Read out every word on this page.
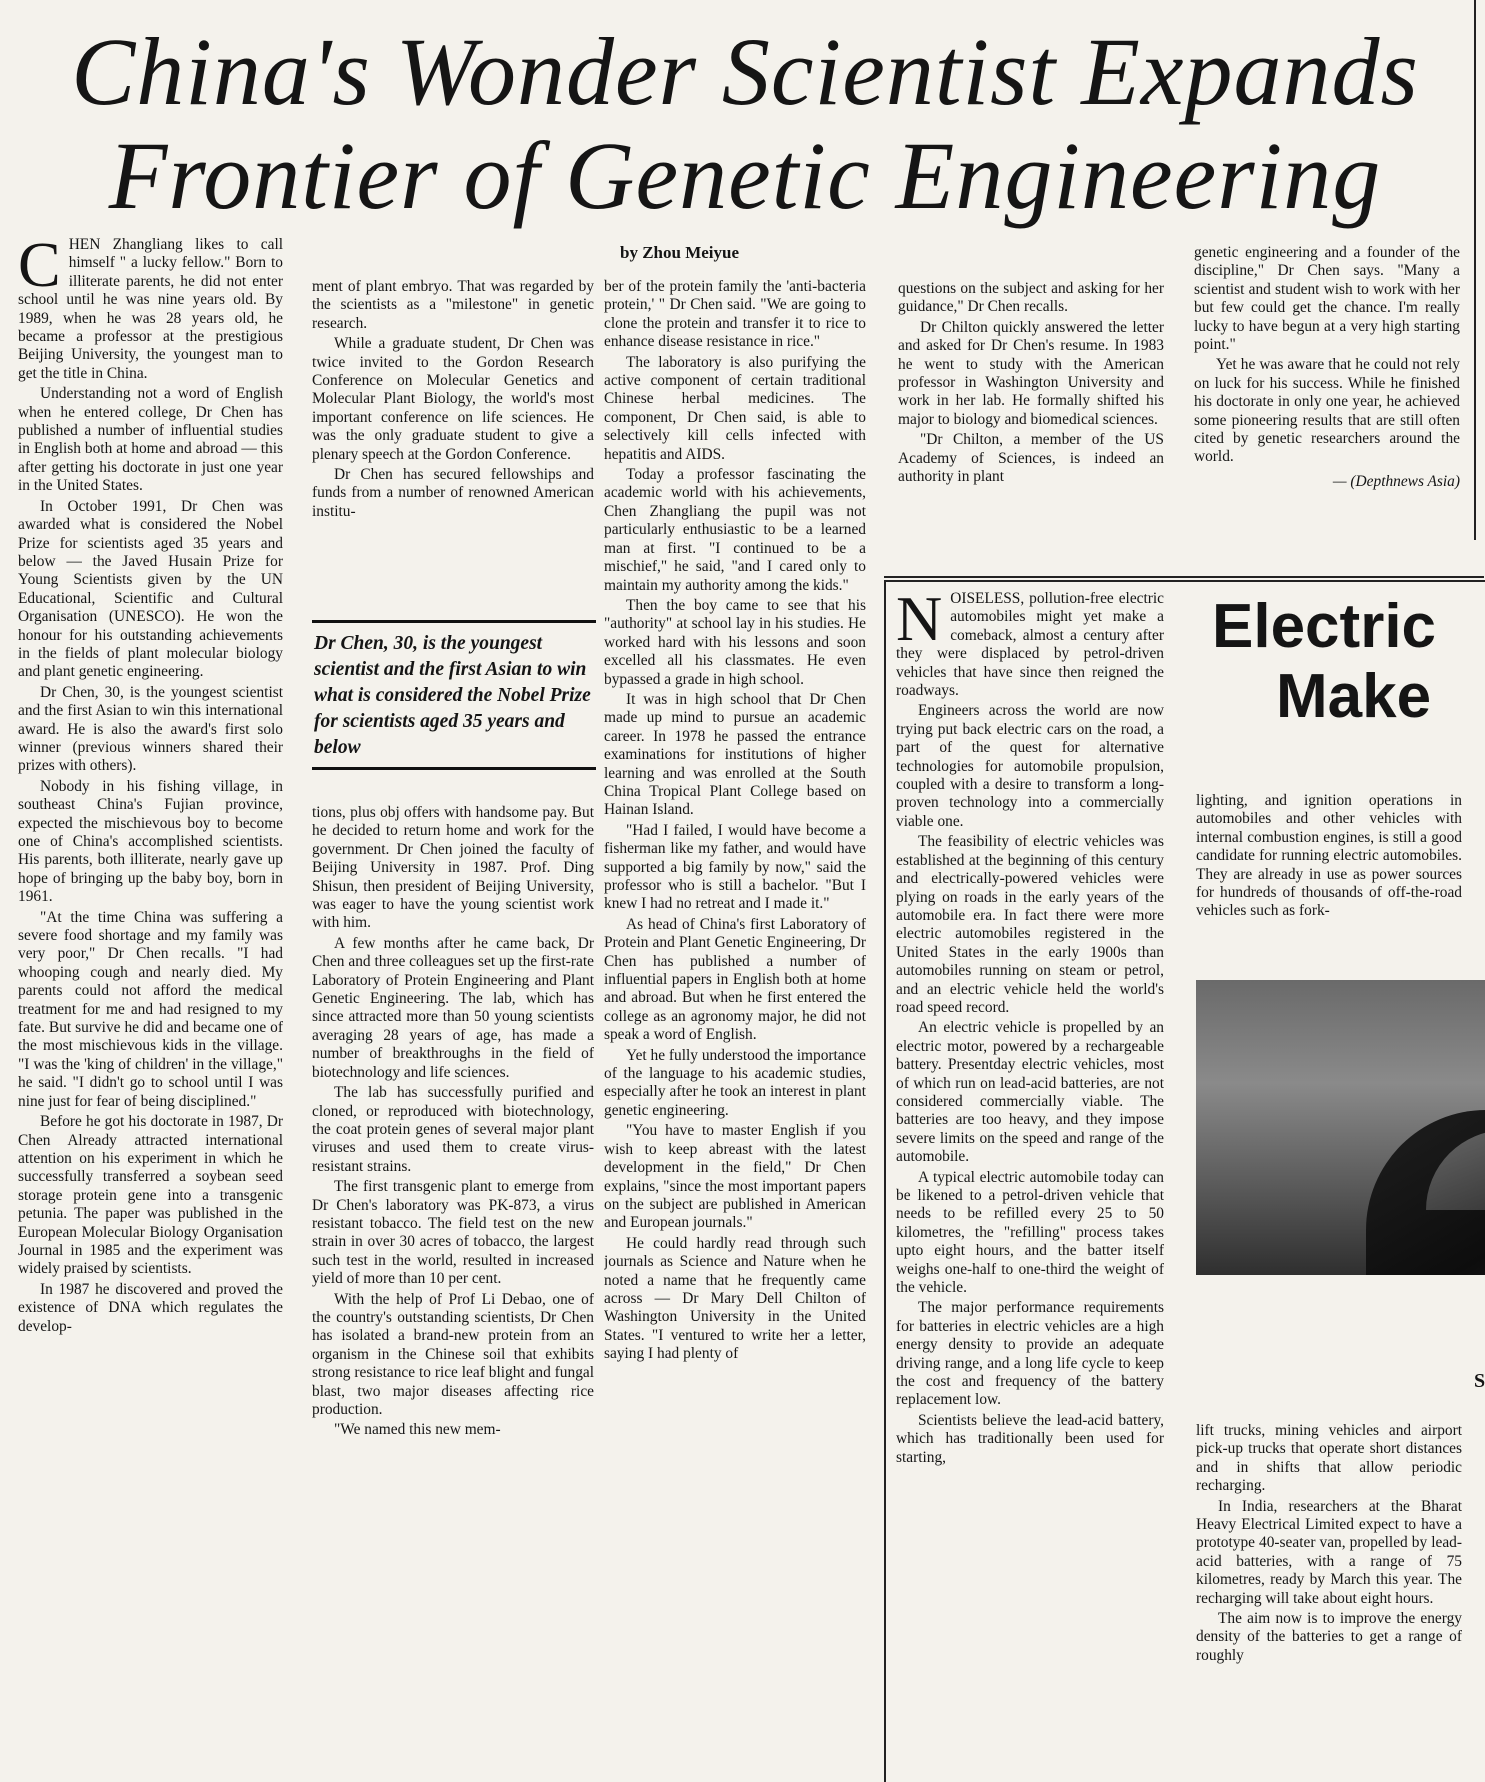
China's Wonder Scientist Expands
Frontier of Genetic Engineering
by Zhou Meiyue

CHEN Zhangliang likes to call himself " a lucky fellow." Born to illiterate parents, he did not enter school until he was nine years old. By 1989, when he was 28 years old, he became a professor at the prestigious Beijing University, the youngest man to get the title in China.

Understanding not a word of English when he entered college, Dr Chen has published a number of influential studies in English both at home and abroad — this after getting his doctorate in just one year in the United States.

In October 1991, Dr Chen was awarded what is considered the Nobel Prize for scientists aged 35 years and below — the Javed Husain Prize for Young Scientists given by the UN Educational, Scientific and Cultural Organisation (UNESCO). He won the honour for his outstanding achievements in the fields of plant molecular biology and plant genetic engineering.

Dr Chen, 30, is the youngest scientist and the first Asian to win this international award. He is also the award's first solo winner (previous winners shared their prizes with others).

Nobody in his fishing village, in southeast China's Fujian province, expected the mischievous boy to become one of China's accomplished scientists. His parents, both illiterate, nearly gave up hope of bringing up the baby boy, born in 1961.

"At the time China was suffering a severe food shortage and my family was very poor," Dr Chen recalls. "I had whooping cough and nearly died. My parents could not afford the medical treatment for me and had resigned to my fate. But survive he did and became one of the most mischievous kids in the village. "I was the 'king of children' in the village," he said. "I didn't go to school until I was nine just for fear of being disciplined."

Before he got his doctorate in 1987, Dr Chen Already attracted international attention on his experiment in which he successfully transferred a soybean seed storage protein gene into a transgenic petunia. The paper was published in the European Molecular Biology Organisation Journal in 1985 and the experiment was widely praised by scientists.

In 1987 he discovered and proved the existence of DNA which regulates the develop-

ment of plant embryo. That was regarded by the scientists as a "milestone" in genetic research.

While a graduate student, Dr Chen was twice invited to the Gordon Research Conference on Molecular Genetics and Molecular Plant Biology, the world's most important conference on life sciences. He was the only graduate student to give a plenary speech at the Gordon Conference.

Dr Chen has secured fellowships and funds from a number of renowned American institu-

Dr Chen, 30, is the youngest scientist and the first Asian to win what is considered the Nobel Prize for scientists aged 35 years and below

tions, plus obj offers with handsome pay. But he decided to return home and work for the government. Dr Chen joined the faculty of Beijing University in 1987. Prof. Ding Shisun, then president of Beijing University, was eager to have the young scientist work with him.

A few months after he came back, Dr Chen and three colleagues set up the first-rate Laboratory of Protein Engineering and Plant Genetic Engineering. The lab, which has since attracted more than 50 young scientists averaging 28 years of age, has made a number of breakthroughs in the field of biotechnology and life sciences.

The lab has successfully purified and cloned, or reproduced with biotechnology, the coat protein genes of several major plant viruses and used them to create virus-resistant strains.

The first transgenic plant to emerge from Dr Chen's laboratory was PK-873, a virus resistant tobacco. The field test on the new strain in over 30 acres of tobacco, the largest such test in the world, resulted in increased yield of more than 10 per cent.

With the help of Prof Li Debao, one of the country's outstanding scientists, Dr Chen has isolated a brand-new protein from an organism in the Chinese soil that exhibits strong resistance to rice leaf blight and fungal blast, two major diseases affecting rice production.

"We named this new mem-

ber of the protein family the 'anti-bacteria protein,' " Dr Chen said. "We are going to clone the protein and transfer it to rice to enhance disease resistance in rice."

The laboratory is also purifying the active component of certain traditional Chinese herbal medicines. The component, Dr Chen said, is able to selectively kill cells infected with hepatitis and AIDS.

Today a professor fascinating the academic world with his achievements, Chen Zhangliang the pupil was not particularly enthusiastic to be a learned man at first. "I continued to be a mischief," he said, "and I cared only to maintain my authority among the kids."

Then the boy came to see that his "authority" at school lay in his studies. He worked hard with his lessons and soon excelled all his classmates. He even bypassed a grade in high school.

It was in high school that Dr Chen made up mind to pursue an academic career. In 1978 he passed the entrance examinations for institutions of higher learning and was enrolled at the South China Tropical Plant College based on Hainan Island.

"Had I failed, I would have become a fisherman like my father, and would have supported a big family by now," said the professor who is still a bachelor. "But I knew I had no retreat and I made it."

As head of China's first Laboratory of Protein and Plant Genetic Engineering, Dr Chen has published a number of influential papers in English both at home and abroad. But when he first entered the college as an agronomy major, he did not speak a word of English.

Yet he fully understood the importance of the language to his academic studies, especially after he took an interest in plant genetic engineering.

"You have to master English if you wish to keep abreast with the latest development in the field," Dr Chen explains, "since the most important papers on the subject are published in American and European journals."

He could hardly read through such journals as Science and Nature when he noted a name that he frequently came across — Dr Mary Dell Chilton of Washington University in the United States. "I ventured to write her a letter, saying I had plenty of

questions on the subject and asking for her guidance," Dr Chen recalls.

Dr Chilton quickly answered the letter and asked for Dr Chen's resume. In 1983 he went to study with the American professor in Washington University and work in her lab. He formally shifted his major to biology and biomedical sciences.

"Dr Chilton, a member of the US Academy of Sciences, is indeed an authority in plant

genetic engineering and a founder of the discipline," Dr Chen says. "Many a scientist and student wish to work with her but few could get the chance. I'm really lucky to have begun at a very high starting point."

Yet he was aware that he could not rely on luck for his success. While he finished his doctorate in only one year, he achieved some pioneering results that are still often cited by genetic researchers around the world.

— (Depthnews Asia)
Electric
Make

NOISELESS, pollution-free electric automobiles might yet make a comeback, almost a century after they were displaced by petrol-driven vehicles that have since then reigned the roadways.

Engineers across the world are now trying put back electric cars on the road, a part of the quest for alternative technologies for automobile propulsion, coupled with a desire to transform a long-proven technology into a commercially viable one.

The feasibility of electric vehicles was established at the beginning of this century and electrically-powered vehicles were plying on roads in the early years of the automobile era. In fact there were more electric automobiles registered in the United States in the early 1900s than automobiles running on steam or petrol, and an electric vehicle held the world's road speed record.

An electric vehicle is propelled by an electric motor, powered by a rechargeable battery. Presentday electric vehicles, most of which run on lead-acid batteries, are not considered commercially viable. The batteries are too heavy, and they impose severe limits on the speed and range of the automobile.

A typical electric automobile today can be likened to a petrol-driven vehicle that needs to be refilled every 25 to 50 kilometres, the "refilling" process takes upto eight hours, and the batter itself weighs one-half to one-third the weight of the vehicle.

The major performance requirements for batteries in electric vehicles are a high energy density to provide an adequate driving range, and a long life cycle to keep the cost and frequency of the battery replacement low.

Scientists believe the lead-acid battery, which has traditionally been used for starting,

lighting, and ignition operations in automobiles and other vehicles with internal combustion engines, is still a good candidate for running electric automobiles. They are already in use as power sources for hundreds of thousands of off-the-road vehicles such as fork-

S

lift trucks, mining vehicles and airport pick-up trucks that operate short distances and in shifts that allow periodic recharging.

In India, researchers at the Bharat Heavy Electrical Limited expect to have a prototype 40-seater van, propelled by lead-acid batteries, with a range of 75 kilometres, ready by March this year. The recharging will take about eight hours.

The aim now is to improve the energy density of the batteries to get a range of roughly
